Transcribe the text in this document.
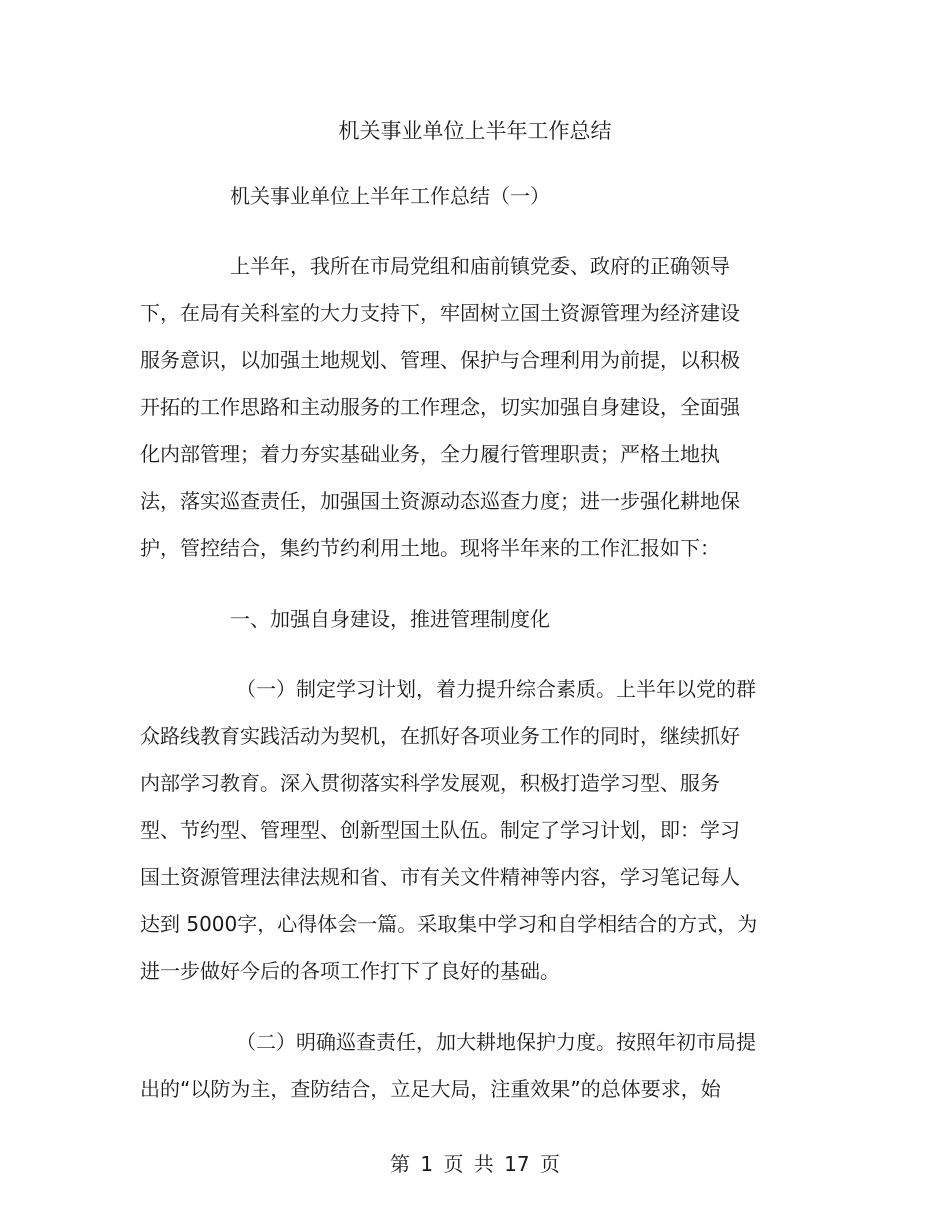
机关事业单位上半年工作总结

机关事业单位上半年工作总结（一）

上半年，我所在市局党组和庙前镇党委、政府的正确领导

下，在局有关科室的大力支持下，牢固树立国土资源管理为经济建设

服务意识，以加强土地规划、管理、保护与合理利用为前提，以积极

开拓的工作思路和主动服务的工作理念，切实加强自身建设，全面强

化内部管理；着力夯实基础业务，全力履行管理职责；严格土地执

法，落实巡查责任，加强国土资源动态巡查力度；进一步强化耕地保

护，管控结合，集约节约利用土地。现将半年来的工作汇报如下：

一、加强自身建设，推进管理制度化

（一）制定学习计划，着力提升综合素质。上半年以党的群

众路线教育实践活动为契机，在抓好各项业务工作的同时，继续抓好

内部学习教育。深入贯彻落实科学发展观，积极打造学习型、服务

型、节约型、管理型、创新型国土队伍。制定了学习计划，即：学习

国土资源管理法律法规和省、市有关文件精神等内容，学习笔记每人

达到 5000字，心得体会一篇。采取集中学习和自学相结合的方式，为

进一步做好今后的各项工作打下了良好的基础。

（二）明确巡查责任，加大耕地保护力度。按照年初市局提

出的“以防为主，查防结合，立足大局，注重效果”的总体要求，始

第 1 页 共 17 页
